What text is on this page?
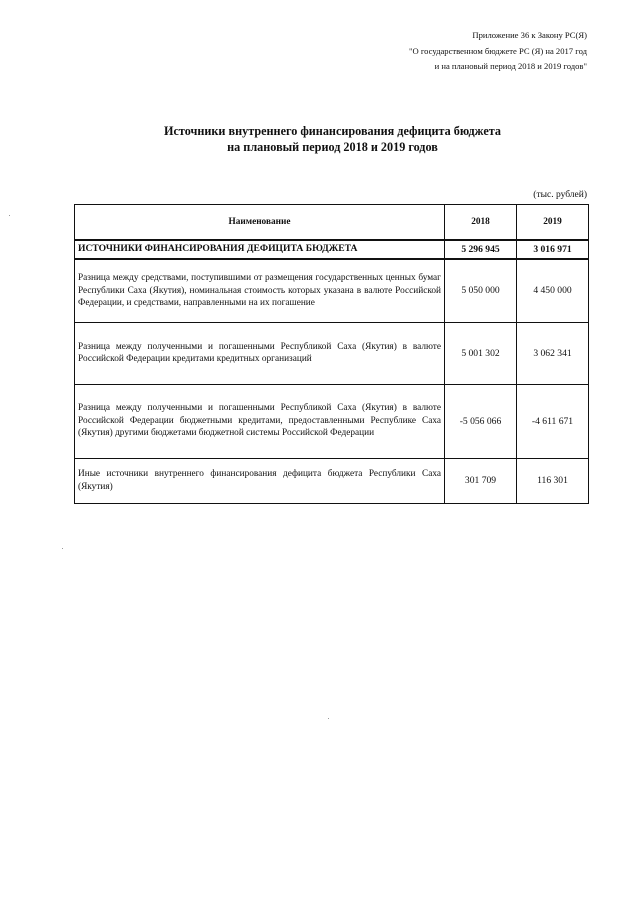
Приложение 36 к Закону РС(Я)
"О государственном бюджете РС (Я) на 2017 год
и на плановый период 2018 и 2019 годов"
Источники внутреннего финансирования дефицита бюджета
на плановый период 2018 и 2019 годов
(тыс. рублей)
Наименование	2018	2019
ИСТОЧНИКИ ФИНАНСИРОВАНИЯ ДЕФИЦИТА БЮДЖЕТА	5 296 945	3 016 971
Разница между средствами, поступившими от размещения государственных ценных бумаг Республики Саха (Якутия), номинальная стоимость которых указана в валюте Российской Федерации, и средствами, направленными на их погашение	5 050 000	4 450 000
Разница между полученными и погашенными Республикой Саха (Якутия) в валюте Российской Федерации кредитами кредитных организаций	5 001 302	3 062 341
Разница между полученными и погашенными Республикой Саха (Якутия) в валюте Российской Федерации бюджетными кредитами, предоставленными Республике Саха (Якутия) другими бюджетами бюджетной системы Российской Федерации	-5 056 066	-4 611 671
Иные источники внутреннего финансирования дефицита бюджета Республики Саха (Якутия)	301 709	116 301
